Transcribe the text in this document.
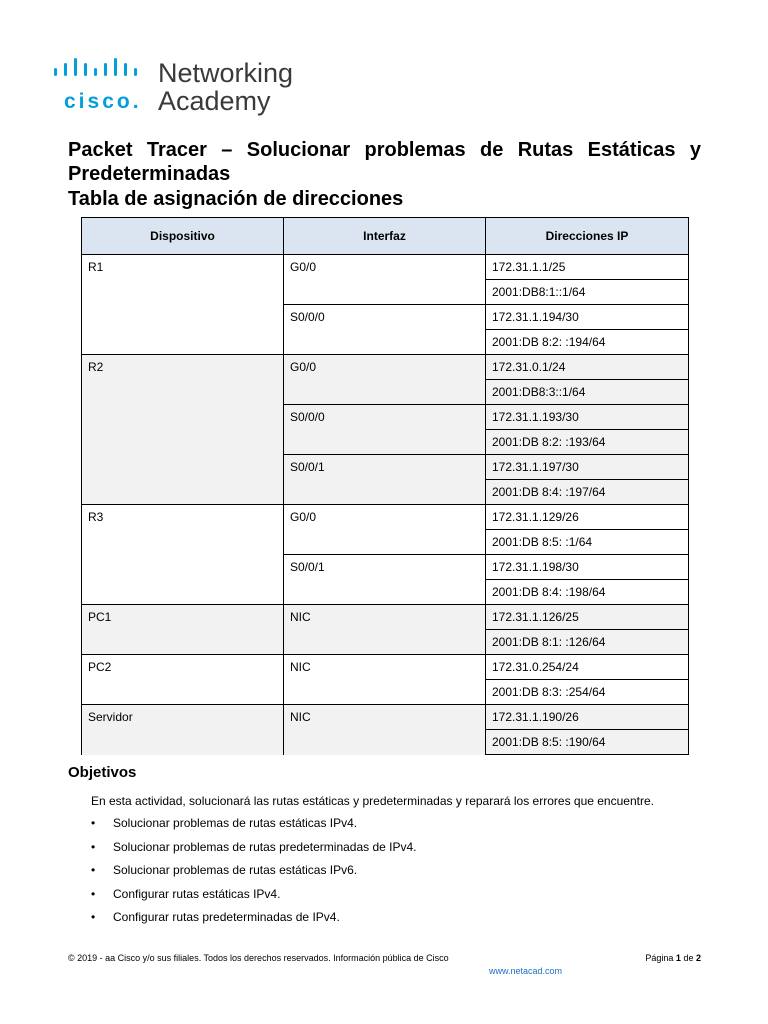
cisco.
Networking
Academy
Packet Tracer – Solucionar problemas de Rutas Estáticas y Predeterminadas
Tabla de asignación de direcciones
Dispositivo	Interfaz	Direcciones IP
R1	G0/0	172.31.1.1/25
		2001:DB8:1::1/64
	S0/0/0	172.31.1.194/30
		2001:DB 8:2: :194/64
R2	G0/0	172.31.0.1/24
		2001:DB8:3::1/64
	S0/0/0	172.31.1.193/30
		2001:DB 8:2: :193/64
	S0/0/1	172.31.1.197/30
		2001:DB 8:4: :197/64
R3	G0/0	172.31.1.129/26
		2001:DB 8:5: :1/64
	S0/0/1	172.31.1.198/30
		2001:DB 8:4: :198/64
PC1	NIC	172.31.1.126/25
		2001:DB 8:1: :126/64
PC2	NIC	172.31.0.254/24
		2001:DB 8:3: :254/64
Servidor	NIC	172.31.1.190/26
		2001:DB 8:5: :190/64
Objetivos
En esta actividad, solucionará las rutas estáticas y predeterminadas y reparará los errores que encuentre.
• Solucionar problemas de rutas estáticas IPv4.
• Solucionar problemas de rutas predeterminadas de IPv4.
• Solucionar problemas de rutas estáticas IPv6.
• Configurar rutas estáticas IPv4.
• Configurar rutas predeterminadas de IPv4.
© 2019 - aa Cisco y/o sus filiales. Todos los derechos reservados. Información pública de Cisco	Página 1 de 2
www.netacad.com
